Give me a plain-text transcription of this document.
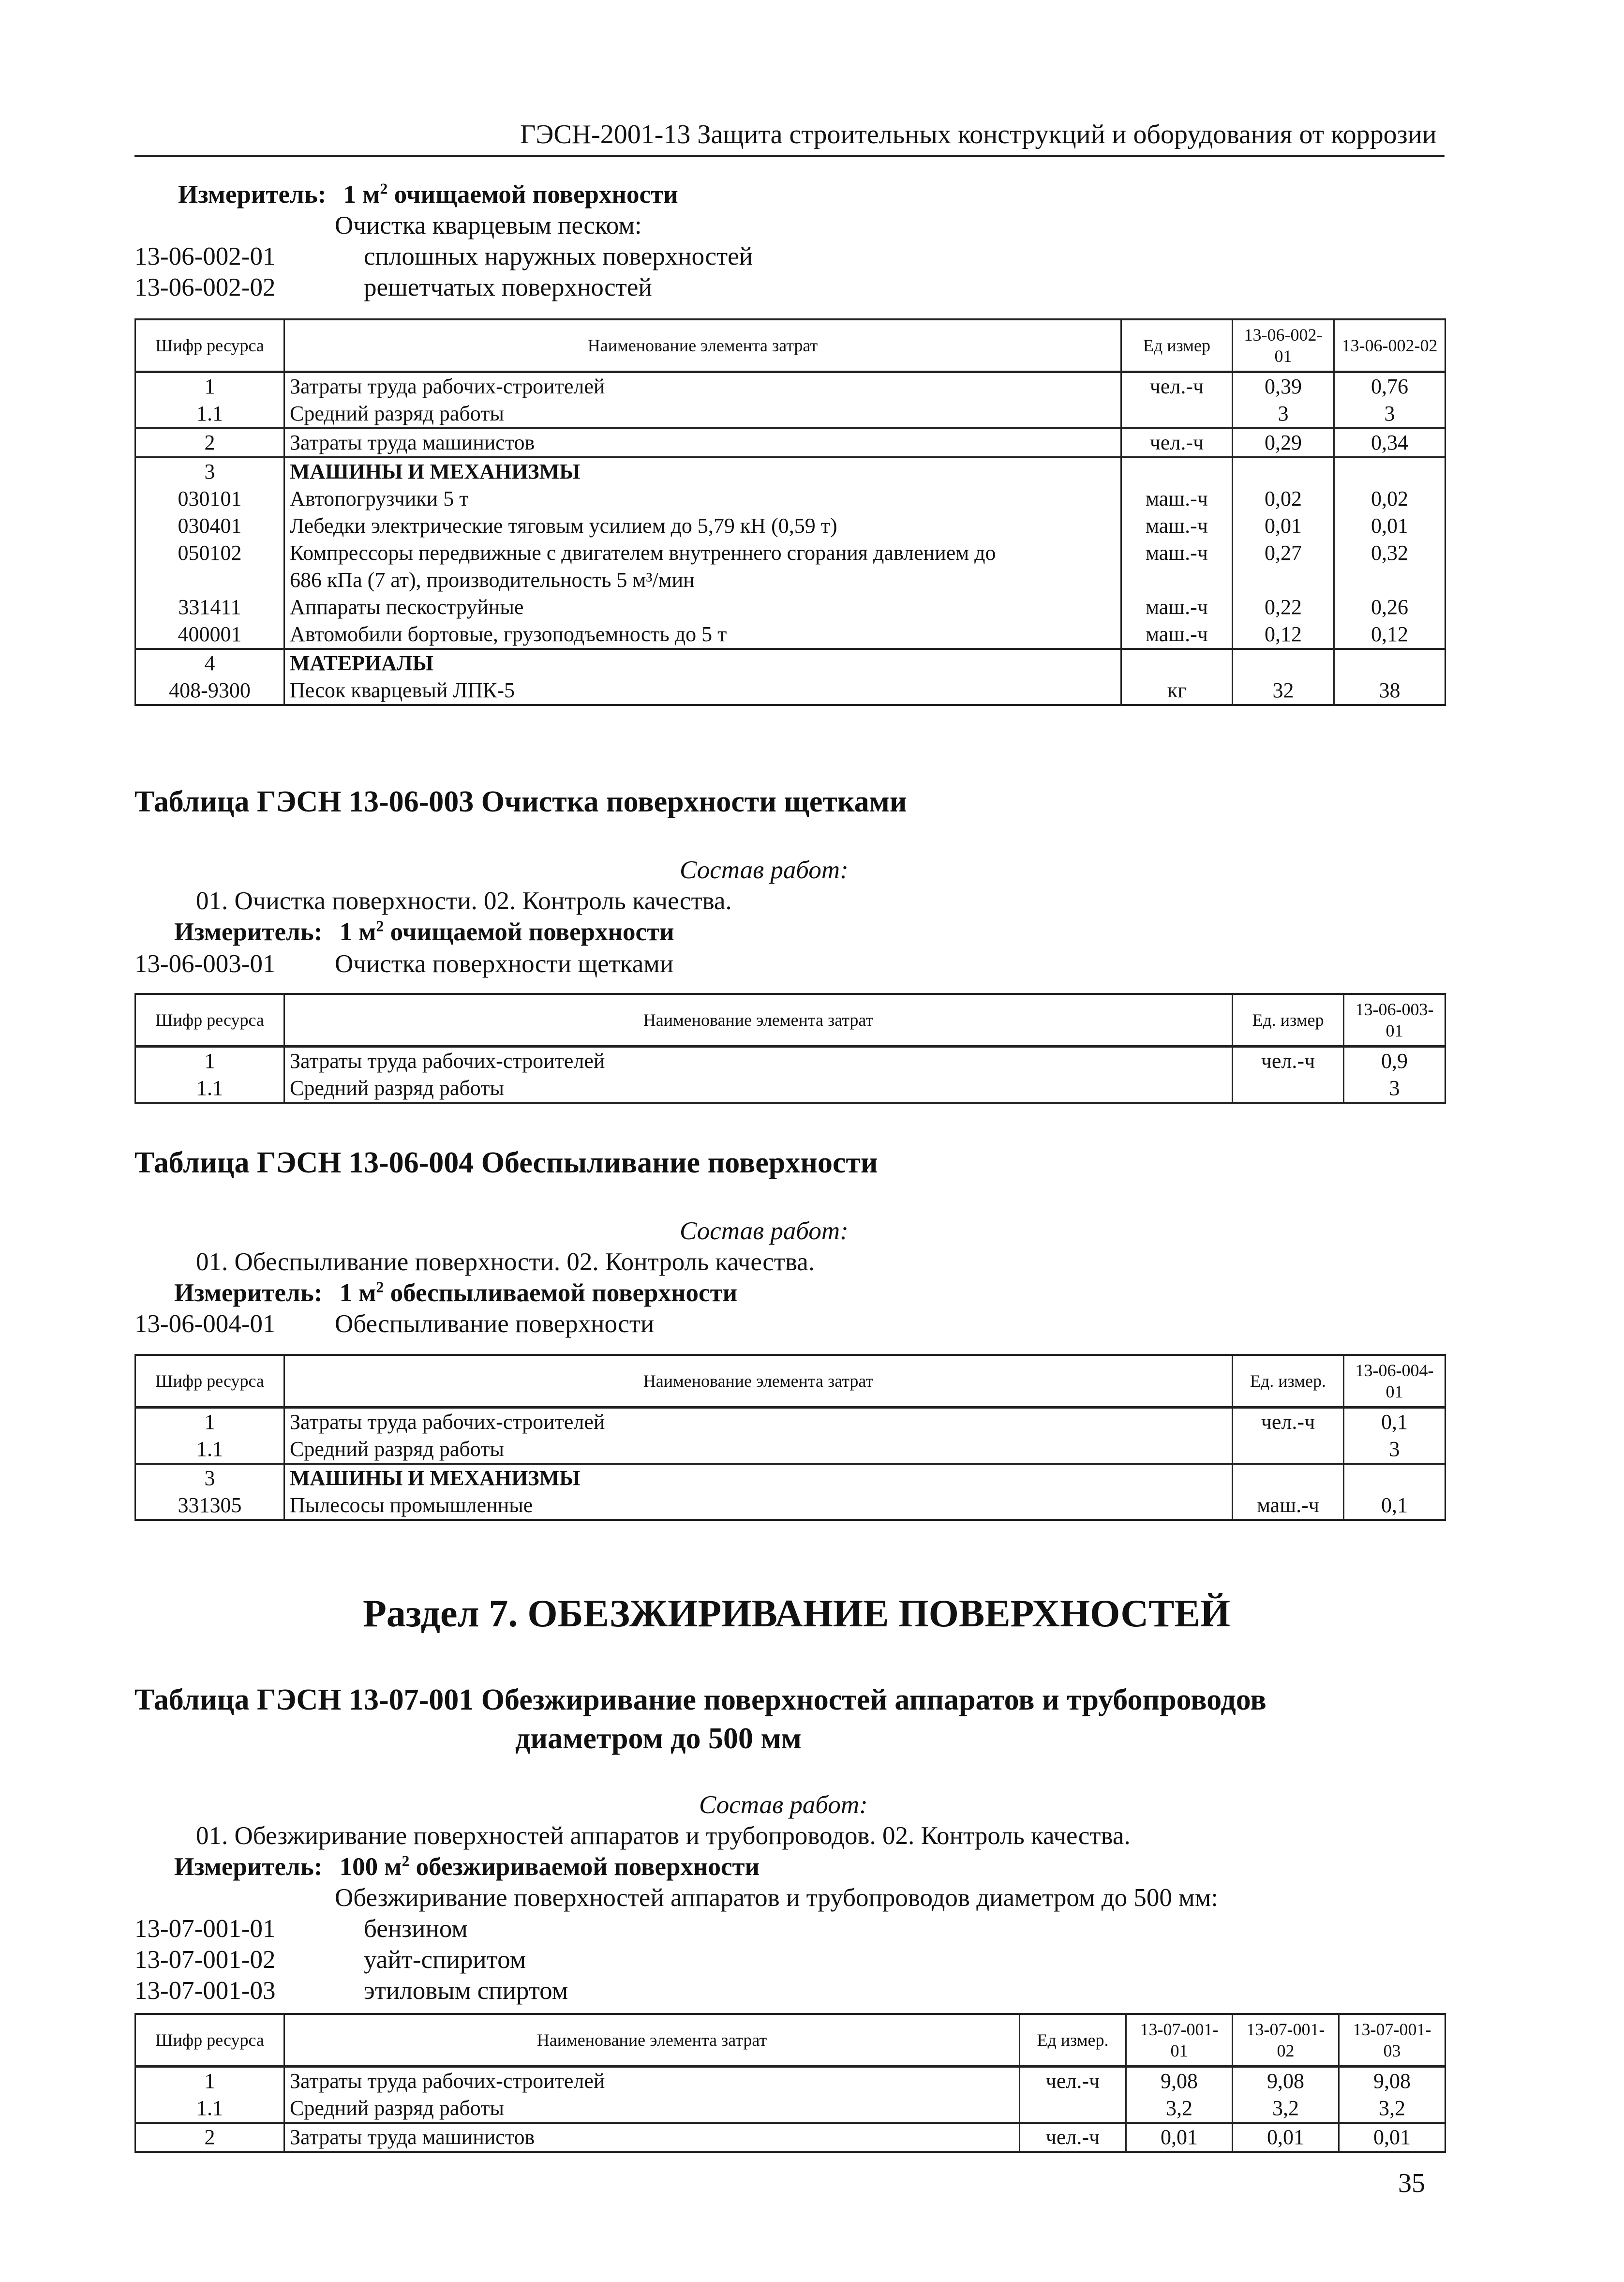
ГЭСН-2001-13 Защита строительных конструкций и оборудования от коррозии
Измеритель: 1 $м^2$ очищаемой поверхности
Очистка кварцевым песком:
13-06-002-01	сплошных наружных поверхностей
13-06-002-02	решетчатых поверхностей
Шифр ресурса	Наименование элемента затрат	Ед измер	13-06-002-01	13-06-002-02
1	Затраты труда рабочих-строителей	чел.-ч	0,39	0,76
1.1	Средний разряд работы		3	3
2	Затраты труда машинистов	чел.-ч	0,29	0,34
3	МАШИНЫ И МЕХАНИЗМЫ			
030101	Автопогрузчики 5 т	маш.-ч	0,02	0,02
030401	Лебедки электрические тяговым усилием до 5,79 кН (0,59 т)	маш.-ч	0,01	0,01
050102	Компрессоры передвижные с двигателем внутреннего сгорания давлением до	маш.-ч	0,27	0,32
	686 кПа (7 ат), производительность 5 м³/мин			
331411	Аппараты пескоструйные	маш.-ч	0,22	0,26
400001	Автомобили бортовые, грузоподъемность до 5 т	маш.-ч	0,12	0,12
4	МАТЕРИАЛЫ			
408-9300	Песок кварцевый ЛПК-5	кг	32	38
Таблица ГЭСН 13-06-003 Очистка поверхности щетками
Состав работ:
01. Очистка поверхности. 02. Контроль качества.
Измеритель: 1 $м^2$ очищаемой поверхности
13-06-003-01 Очистка поверхности щетками
Шифр ресурса	Наименование элемента затрат	Ед. измер	13-06-003-01
1	Затраты труда рабочих-строителей	чел.-ч	0,9
1.1	Средний разряд работы		3
Таблица ГЭСН 13-06-004 Обеспыливание поверхности
Состав работ:
01. Обеспыливание поверхности. 02. Контроль качества.
Измеритель: 1 $м^2$ обеспыливаемой поверхности
13-06-004-01 Обеспыливание поверхности
Шифр ресурса	Наименование элемента затрат	Ед. измер.	13-06-004-01
1	Затраты труда рабочих-строителей	чел.-ч	0,1
1.1	Средний разряд работы		3
3	МАШИНЫ И МЕХАНИЗМЫ		
331305	Пылесосы промышленные	маш.-ч	0,1
Раздел 7. ОБЕЗЖИРИВАНИЕ ПОВЕРХНОСТЕЙ
Таблица ГЭСН 13-07-001 Обезжиривание поверхностей аппаратов и трубопроводов
диаметром до 500 мм
Состав работ:
01. Обезжиривание поверхностей аппаратов и трубопроводов. 02. Контроль качества.
Измеритель: 100 $м^2$ обезжириваемой поверхности
Обезжиривание поверхностей аппаратов и трубопроводов диаметром до 500 мм:
13-07-001-01	бензином
13-07-001-02	уайт-спиритом
13-07-001-03	этиловым спиртом
Шифр ресурса	Наименование элемента затрат	Ед измер.	13-07-001-01	13-07-001-02	13-07-001-03
1	Затраты труда рабочих-строителей	чел.-ч	9,08	9,08	9,08
1.1	Средний разряд работы		3,2	3,2	3,2
2	Затраты труда машинистов	чел.-ч	0,01	0,01	0,01
35
